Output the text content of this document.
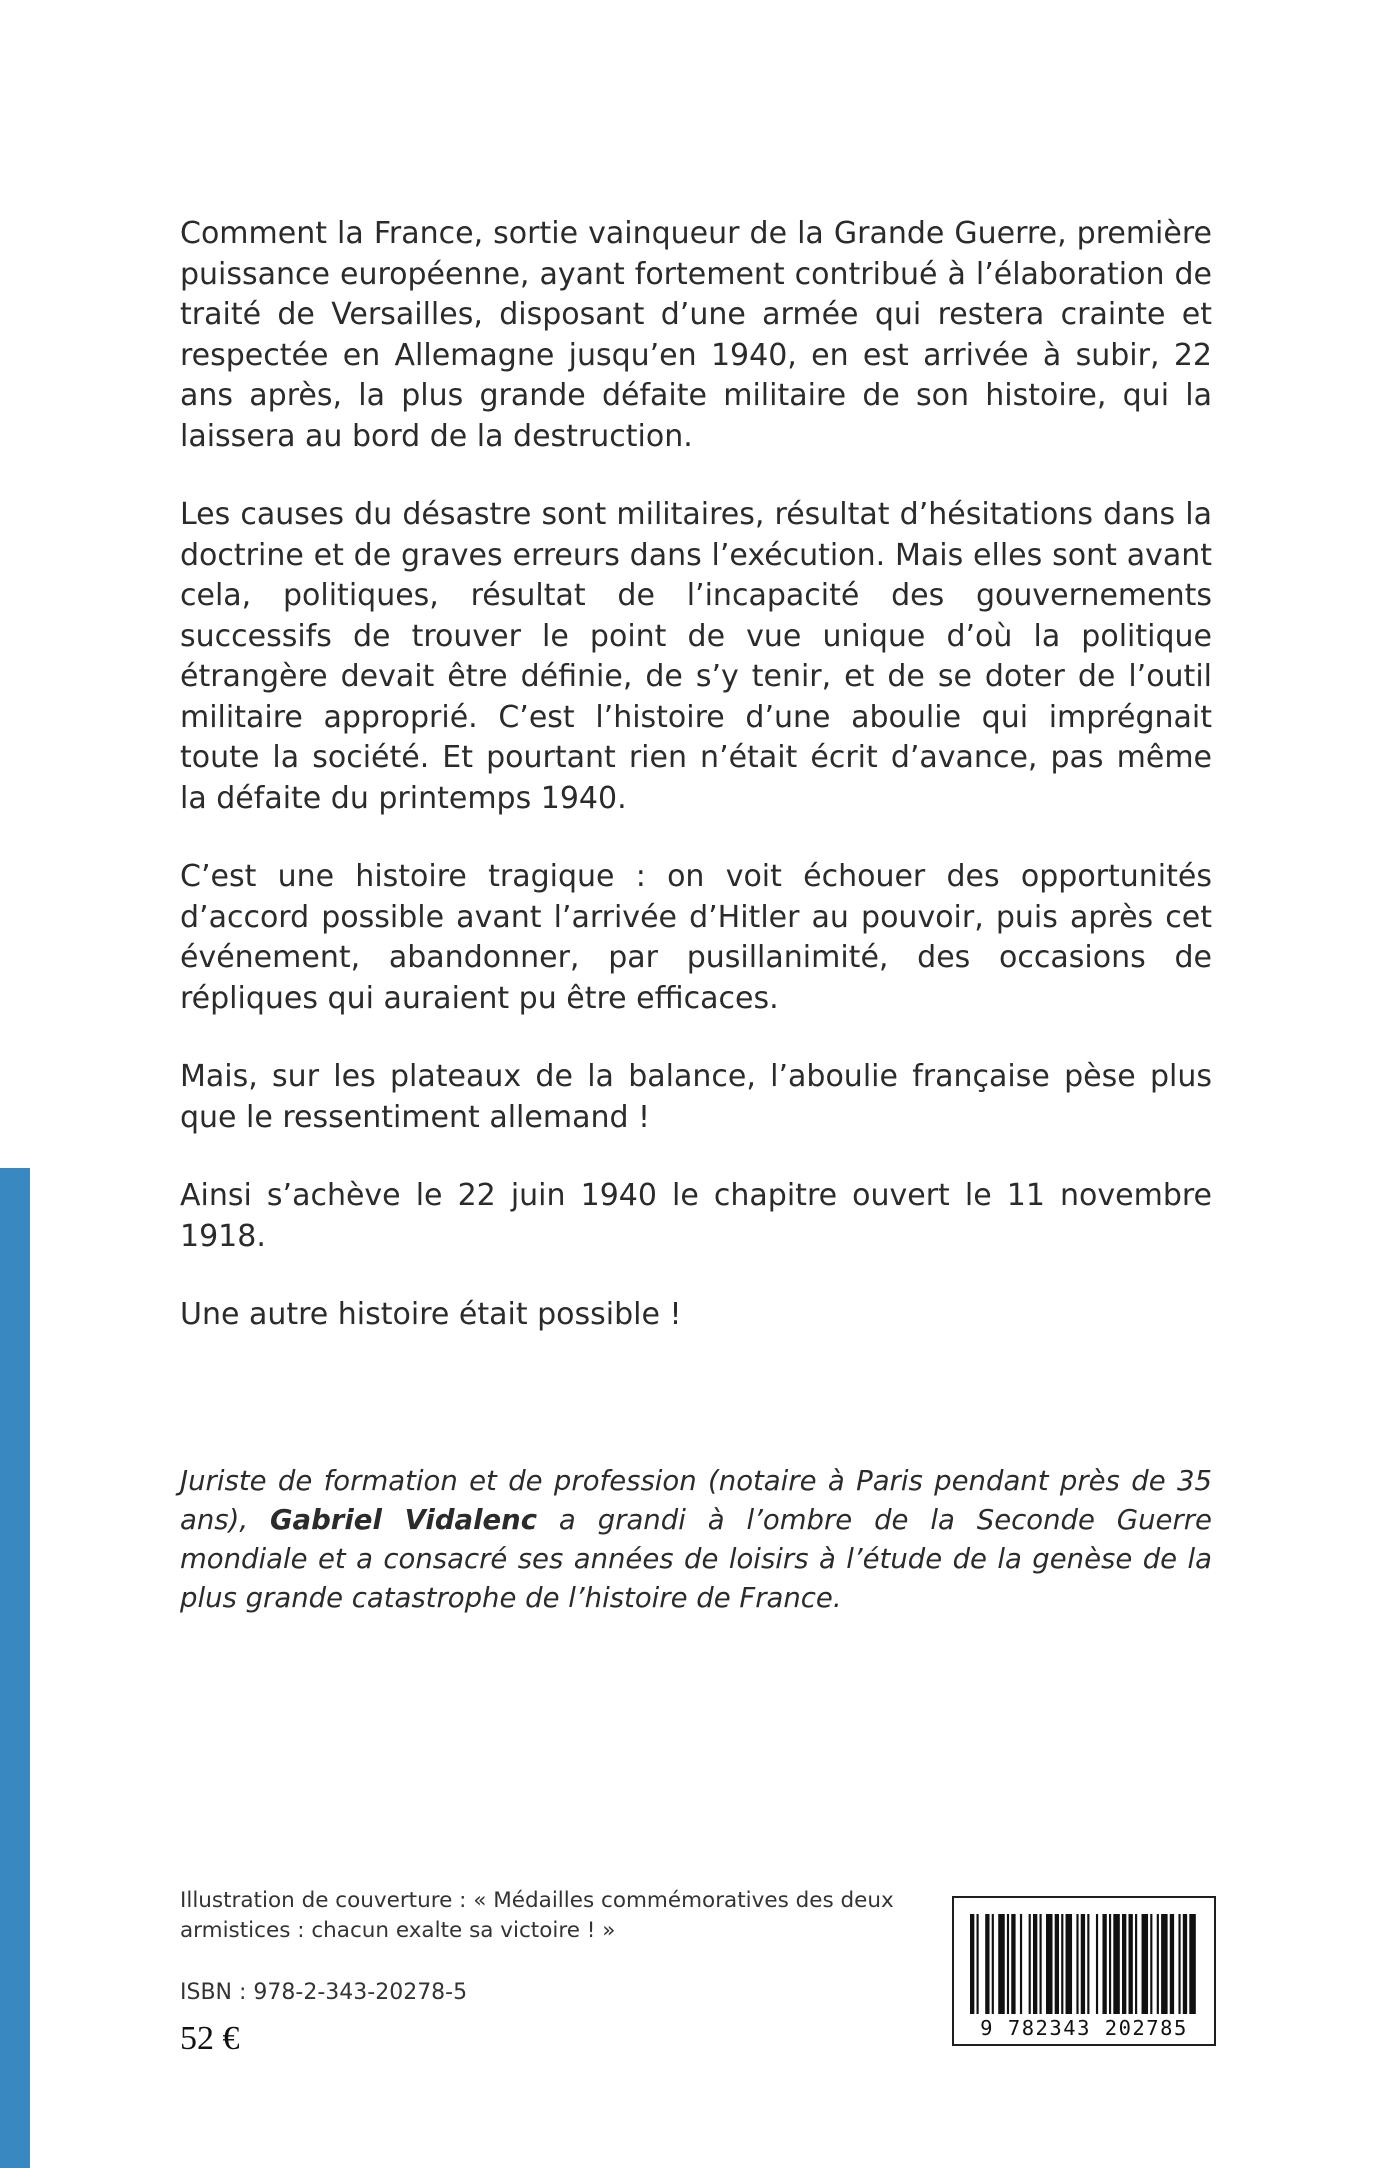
Comment la France, sortie vainqueur de la Grande Guerre, première puissance européenne, ayant fortement contribué à l’élaboration de traité de Versailles, disposant d’une armée qui restera crainte et respectée en Allemagne jusqu’en 1940, en est arrivée à subir, 22 ans après, la plus grande défaite militaire de son histoire, qui la laissera au bord de la destruction.

Les causes du désastre sont militaires, résultat d’hésitations dans la doctrine et de graves erreurs dans l’exécution. Mais elles sont avant cela, politiques, résultat de l’incapacité des gouvernements successifs de trouver le point de vue unique d’où la politique étrangère devait être définie, de s’y tenir, et de se doter de l’outil militaire approprié. C’est l’histoire d’une aboulie qui imprégnait toute la société. Et pourtant rien n’était écrit d’avance, pas même la défaite du printemps 1940.

C’est une histoire tragique : on voit échouer des opportunités d’accord possible avant l’arrivée d’Hitler au pouvoir, puis après cet événement, abandonner, par pusillanimité, des occasions de répliques qui auraient pu être efficaces.

Mais, sur les plateaux de la balance, l’aboulie française pèse plus que le ressentiment allemand !

Ainsi s’achève le 22 juin 1940 le chapitre ouvert le 11 novembre 1918.

Une autre histoire était possible !

Juriste de formation et de profession (notaire à Paris pendant près de 35 ans), Gabriel Vidalenc a grandi à l’ombre de la Seconde Guerre mondiale et a consacré ses années de loisirs à l’étude de la genèse de la plus grande catastrophe de l’histoire de France.
Illustration de couverture : « Médailles commémoratives des deux armistices : chacun exalte sa victoire ! »
ISBN : 978-2-343-20278-5
52 €	9 782343 202785
